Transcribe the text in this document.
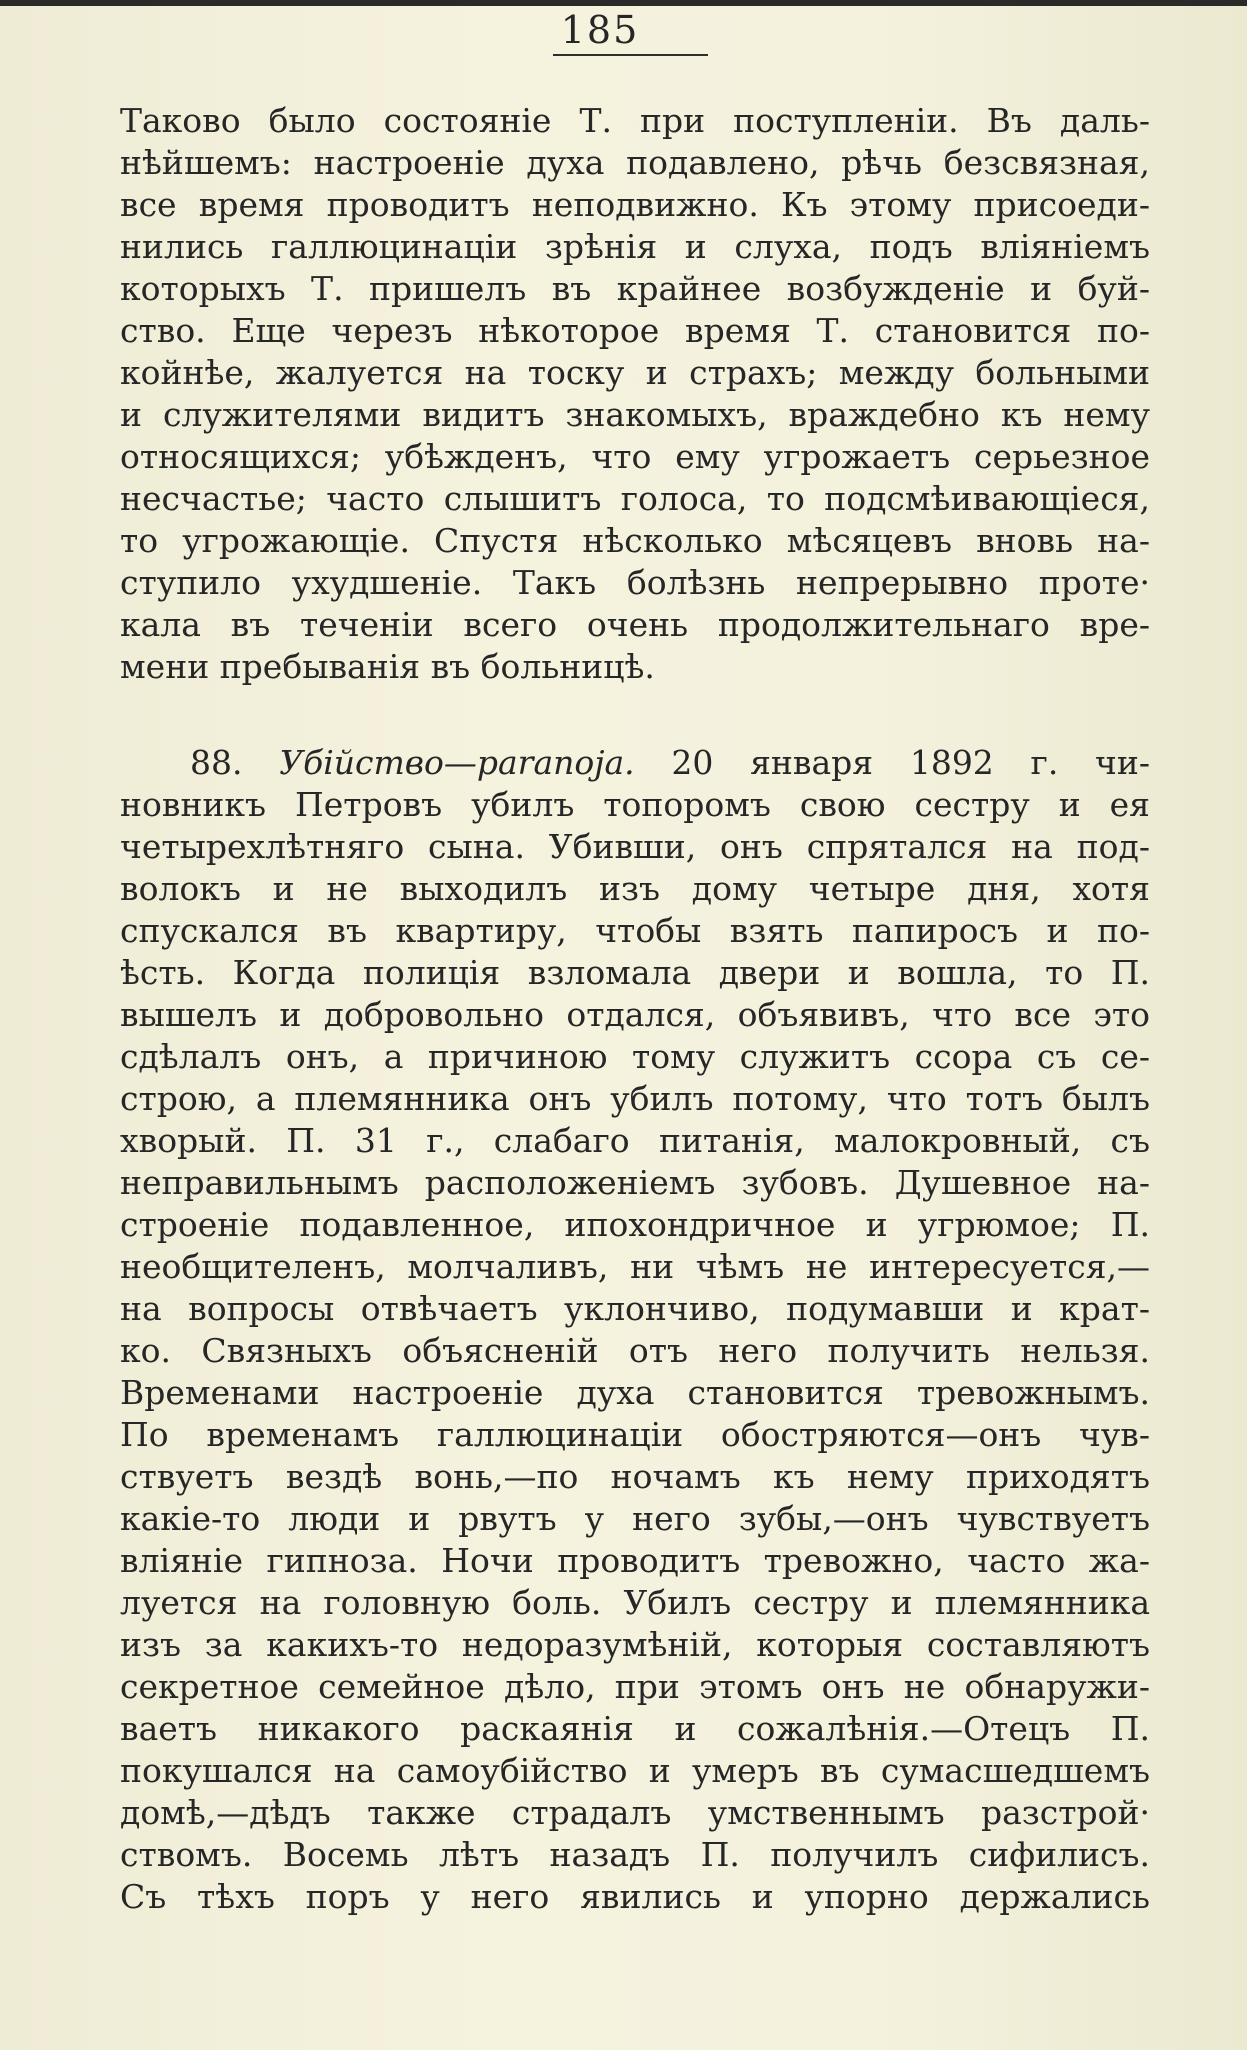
185
Таково было состоянiе Т. при поступленiи. Въ даль-
нѣйшемъ: настроенiе духа подавлено, рѣчь безсвязная,
все время проводитъ неподвижно. Къ этому присоеди-
нились галлюцинацiи зрѣнiя и слуха, подъ влiянiемъ
которыхъ Т. пришелъ въ крайнее возбужденiе и буй-
ство. Еще черезъ нѣкоторое время Т. становится по-
койнѣе, жалуется на тоску и страхъ; между больными
и служителями видитъ знакомыхъ, враждебно къ нему
относящихся; убѣжденъ, что ему угрожаетъ серьезное
несчастье; часто слышитъ голоса, то подсмѣивающiеся,
то угрожающiе. Спустя нѣсколько мѣсяцевъ вновь на-
ступило ухудшенiе. Такъ болѣзнь непрерывно проте·
кала въ теченiи всего очень продолжительнаго вре-
мени пребыванiя въ больницѣ.
88. Убiйство—paranoja. 20 января 1892 г. чи-
новникъ Петровъ убилъ топоромъ свою сестру и ея
четырехлѣтняго сына. Убивши, онъ спрятался на под-
волокъ и не выходилъ изъ дому четыре дня, хотя
спускался въ квартиру, чтобы взять папиросъ и по-
ѣсть. Когда полицiя взломала двери и вошла, то П.
вышелъ и добровольно отдался, объявивъ, что все это
сдѣлалъ онъ, а причиною тому служитъ ссора съ се-
строю, а племянника онъ убилъ потому, что тотъ былъ
хворый. П. 31 г., слабаго питанiя, малокровный, съ
неправильнымъ расположенiемъ зубовъ. Душевное на-
строенiе подавленное, ипохондричное и угрюмое; П.
необщителенъ, молчаливъ, ни чѣмъ не интересуется,—
на вопросы отвѣчаетъ уклончиво, подумавши и крат-
ко. Связныхъ объясненiй отъ него получить нельзя.
Временами настроенiе духа становится тревожнымъ.
По временамъ галлюцинацiи обостряются—онъ чув-
ствуетъ вездѣ вонь,—по ночамъ къ нему приходятъ
какiе-то люди и рвутъ у него зубы,—онъ чувствуетъ
влiянiе гипноза. Ночи проводитъ тревожно, часто жа-
луется на головную боль. Убилъ сестру и племянника
изъ за какихъ-то недоразумѣнiй, которыя составляютъ
секретное семейное дѣло, при этомъ онъ не обнаружи-
ваетъ никакого раскаянiя и сожалѣнiя.—Отецъ П.
покушался на самоубiйство и умеръ въ сумасшедшемъ
домѣ,—дѣдъ также страдалъ умственнымъ разстрой·
ствомъ. Восемь лѣтъ назадъ П. получилъ сифилисъ.
Съ тѣхъ поръ у него явились и упорно держались
